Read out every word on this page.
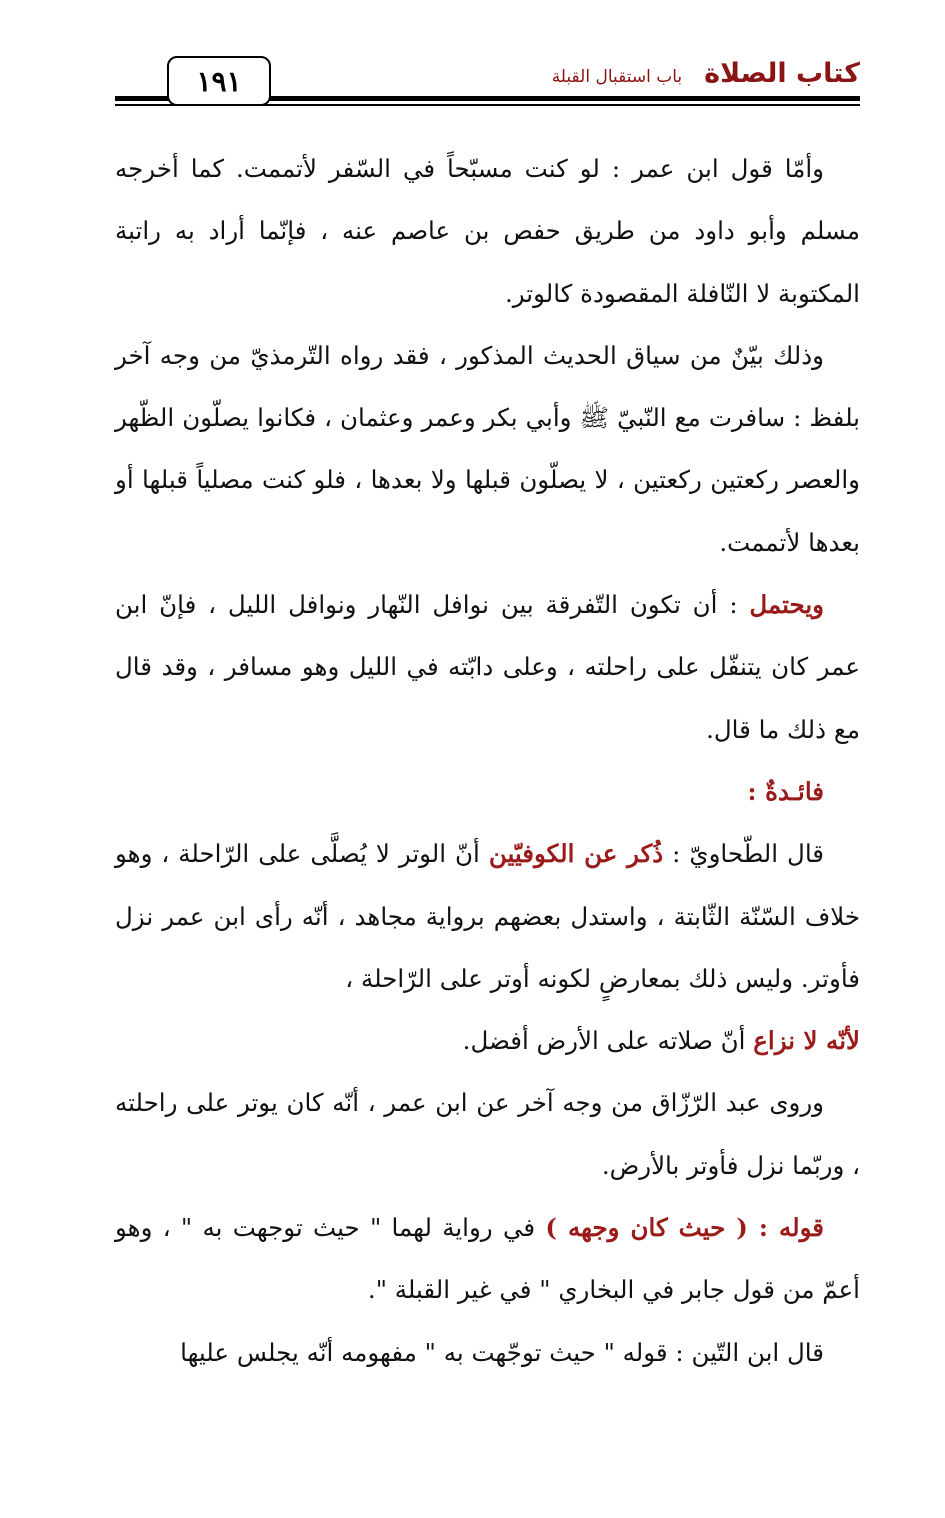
١٩١	كتاب الصلاة
باب استقبال القبلة

وأمّا قول ابن عمر : لو كنت مسبّحاً في السّفر لأتممت. كما أخرجه مسلم وأبو داود من طريق حفص بن عاصم عنه ، فإنّما أراد به راتبة المكتوبة لا النّافلة المقصودة كالوتر.

وذلك بيّنٌ من سياق الحديث المذكور ، فقد رواه التّرمذيّ من وجه آخر بلفظ : سافرت مع النّبيّ ﷺ وأبي بكر وعمر وعثمان ، فكانوا يصلّون الظّهر والعصر ركعتين ركعتين ، لا يصلّون قبلها ولا بعدها ، فلو كنت مصلياً قبلها أو بعدها لأتممت.

ويحتمل : أن تكون التّفرقة بين نوافل النّهار ونوافل الليل ، فإنّ ابن عمر كان يتنفّل على راحلته ، وعلى دابّته في الليل وهو مسافر ، وقد قال مع ذلك ما قال.

فائـدةٌ :

قال الطّحاويّ : ذُكر عن الكوفيّين أنّ الوتر لا يُصلَّى على الرّاحلة ، وهو خلاف السّنّة الثّابتة ، واستدل بعضهم برواية مجاهد ، أنّه رأى ابن عمر نزل فأوتر. وليس ذلك بمعارضٍ لكونه أوتر على الرّاحلة ،

لأنّه لا نزاع أنّ صلاته على الأرض أفضل.

وروى عبد الرّزّاق من وجه آخر عن ابن عمر ، أنّه كان يوتر على راحلته ، وربّما نزل فأوتر بالأرض.

قوله : ( حيث كان وجهه ) في رواية لهما " حيث توجهت به " ، وهو أعمّ من قول جابر في البخاري " في غير القبلة ".

قال ابن التّين : قوله " حيث توجّهت به " مفهومه أنّه يجلس عليها
